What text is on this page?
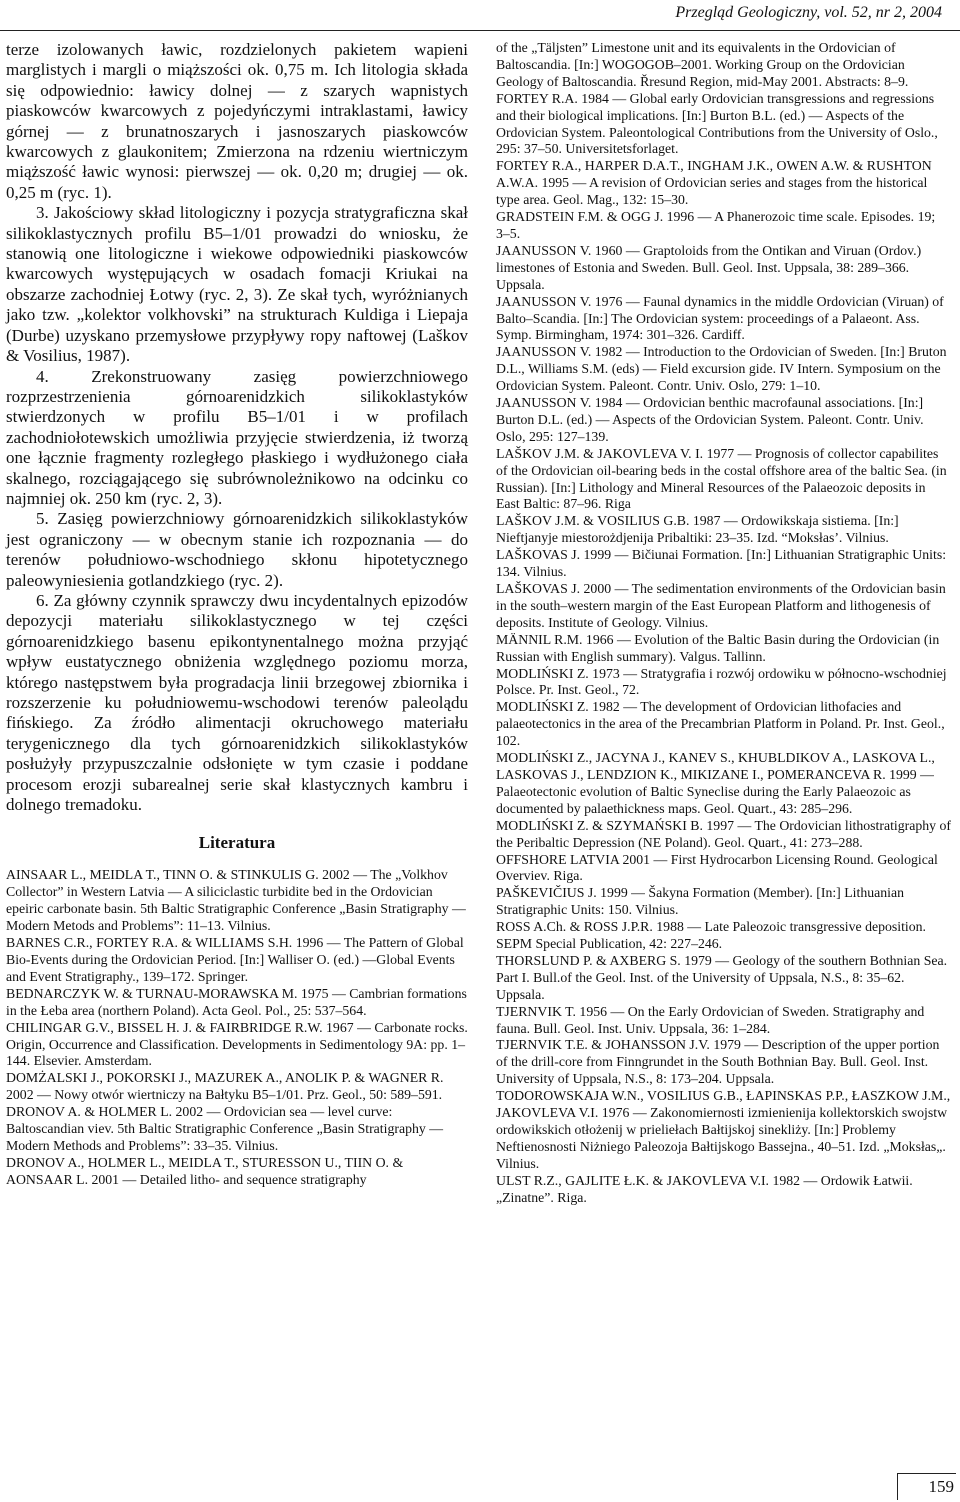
Przegląd Geologiczny, vol. 52, nr 2, 2004

terze izolowanych ławic, rozdzielonych pakietem wapieni marglistych i margli o miąższości ok. 0,75 m. Ich litologia składa się odpowiednio: ławicy dolnej — z szarych wapnistych piaskowców kwarcowych z pojedyńczymi intraklastami, ławicy górnej — z brunatnoszarych i jasnoszarych piaskowców kwarcowych z glaukonitem; Zmierzona na rdzeniu wiertniczym miąższość ławic wynosi: pierwszej — ok. 0,20 m; drugiej — ok. 0,25 m (ryc. 1).

3. Jakościowy skład litologiczny i pozycja stratygraficzna skał silikoklastycznych profilu B5–1/01 prowadzi do wniosku, że stanowią one litologiczne i wiekowe odpowiedniki piaskowców kwarcowych występujących w osadach fomacji Kriukai na obszarze zachodniej Łotwy (ryc. 2, 3). Ze skał tych, wyróżnianych jako tzw. „kolektor volkhovski” na strukturach Kuldiga i Liepaja (Durbe) uzyskano przemysłowe przypływy ropy naftowej (Laškov & Vosilius, 1987).

4. Zrekonstruowany zasięg powierzchniowego rozprzestrzenienia górnoarenidzkich silikoklastyków stwierdzonych w profilu B5–1/01 i w profilach zachodniołotewskich umożliwia przyjęcie stwierdzenia, iż tworzą one łącznie fragmenty rozległego płaskiego i wydłużonego ciała skalnego, rozciągającego się subrównoleżnikowo na odcinku co najmniej ok. 250 km (ryc. 2, 3).

5. Zasięg powierzchniowy górnoarenidzkich silikoklastyków jest ograniczony — w obecnym stanie ich rozpoznania — do terenów południowo-wschodniego skłonu hipotetycznego paleowyniesienia gotlandzkiego (ryc. 2).

6. Za główny czynnik sprawczy dwu incydentalnych epizodów depozycji materiału silikoklastycznego w tej części górnoarenidzkiego basenu epikontynentalnego można przyjąć wpływ eustatycznego obniżenia względnego poziomu morza, którego następstwem była progradacja linii brzegowej zbiornika i rozszerzenie ku południowemu-wschodowi terenów paleolądu fińskiego. Za źródło alimentacji okruchowego materiału terygenicznego dla tych górnoarenidzkich silikoklastyków posłużyły przypuszczalnie odsłonięte w tym czasie i poddane procesom erozji subarealnej serie skał klastycznych kambru i dolnego tremadoku.

Literatura

AINSAAR L., MEIDLA T., TINN O. & STINKULIS G. 2002 — The „Volkhov Collector” in Western Latvia — A siliciclastic turbidite bed in the Ordovician epeiric carbonate basin. 5th Baltic Stratigraphic Conference „Basin Stratigraphy — Modern Metods and Problems”: 11–13. Vilnius.

BARNES C.R., FORTEY R.A. & WILLIAMS S.H. 1996 — The Pattern of Global Bio-Events during the Ordovician Period. [In:] Walliser O. (ed.) —Global Events and Event Stratigraphy., 139–172. Springer.

BEDNARCZYK W. & TURNAU-MORAWSKA M. 1975 — Cambrian formations in the Łeba area (northern Poland). Acta Geol. Pol., 25: 537–564.

CHILINGAR G.V., BISSEL H. J. & FAIRBRIDGE R.W. 1967 — Carbonate rocks. Origin, Occurrence and Classification. Developments in Sedimentology 9A: pp. 1–144. Elsevier. Amsterdam.

DOMŻALSKI J., POKORSKI J., MAZUREK A., ANOLIK P. & WAGNER R. 2002 — Nowy otwór wiertniczy na Bałtyku B5–1/01. Prz. Geol., 50: 589–591.

DRONOV A. & HOLMER L. 2002 — Ordovician sea — level curve: Baltoscandian viev. 5th Baltic Stratigraphic Conference „Basin Stratigraphy — Modern Methods and Problems”: 33–35. Vilnius.

DRONOV A., HOLMER L., MEIDLA T., STURESSON U., TIIN O. & AONSAAR L. 2001 — Detailed litho- and sequence stratigraphy

of the „Täljsten” Limestone unit and its equivalents in the Ordovician of Baltoscandia. [In:] WOGOGOB–2001. Working Group on the Ordovician Geology of Baltoscandia. Řresund Region, mid-May 2001. Abstracts: 8–9.

FORTEY R.A. 1984 — Global early Ordovician transgressions and regressions and their biological implications. [In:] Burton B.L. (ed.) — Aspects of the Ordovician System. Paleontological Contributions from the University of Oslo., 295: 37–50. Universitetsforlaget.

FORTEY R.A., HARPER D.A.T., INGHAM J.K., OWEN A.W. & RUSHTON A.W.A. 1995 — A revision of Ordovician series and stages from the historical type area. Geol. Mag., 132: 15–30.

GRADSTEIN F.M. & OGG J. 1996 — A Phanerozoic time scale. Episodes. 19; 3–5.

JAANUSSON V. 1960 — Graptoloids from the Ontikan and Viruan (Ordov.) limestones of Estonia and Sweden. Bull. Geol. Inst. Uppsala, 38: 289–366. Uppsala.

JAANUSSON V. 1976 — Faunal dynamics in the middle Ordovician (Viruan) of Balto–Scandia. [In:] The Ordovician system: proceedings of a Palaeont. Ass. Symp. Birmingham, 1974: 301–326. Cardiff.

JAANUSSON V. 1982 — Introduction to the Ordovician of Sweden. [In:] Bruton D.L., Williams S.M. (eds) — Field excursion gide. IV Intern. Symposium on the Ordovician System. Paleont. Contr. Univ. Oslo, 279: 1–10.

JAANUSSON V. 1984 — Ordovician benthic macrofaunal associations. [In:] Burton D.L. (ed.) — Aspects of the Ordovician System. Paleont. Contr. Univ. Oslo, 295: 127–139.

LAŠKOV J.M. & JAKOVLEVA V. I. 1977 — Prognosis of collector capabilites of the Ordovician oil-bearing beds in the costal offshore area of the baltic Sea. (in Russian). [In:] Lithology and Mineral Resources of the Palaeozoic deposits in East Baltic: 87–96. Riga

LAŠKOV J.M. & VOSILIUS G.B. 1987 — Ordowikskaja sistiema. [In:] Nieftjanyje miestorożdjenija Pribaltiki: 23–35. Izd. “Moksłas’. Vilnius.

LAŠKOVAS J. 1999 — Bičiunai Formation. [In:] Lithuanian Stratigraphic Units: 134. Vilnius.

LAŠKOVAS J. 2000 — The sedimentation environments of the Ordovician basin in the south–western margin of the East European Platform and lithogenesis of deposits. Institute of Geology. Vilnius.

MÄNNIL R.M. 1966 — Evolution of the Baltic Basin during the Ordovician (in Russian with English summary). Valgus. Tallinn.

MODLIŃSKI Z. 1973 — Stratygrafia i rozwój ordowiku w północno-wschodniej Polsce. Pr. Inst. Geol., 72.

MODLIŃSKI Z. 1982 — The development of Ordovician lithofacies and palaeotectonics in the area of the Precambrian Platform in Poland. Pr. Inst. Geol., 102.

MODLIŃSKI Z., JACYNA J., KANEV S., KHUBLDIKOV A., LASKOVA L., LASKOVAS J., LENDZION K., MIKIZANE I., POMERANCEVA R. 1999 — Palaeotectonic evolution of Baltic Syneclise during the Early Palaeozoic as documented by palaethickness maps. Geol. Quart., 43: 285–296.

MODLIŃSKI Z. & SZYMAŃSKI B. 1997 — The Ordovician lithostratigraphy of the Peribaltic Depression (NE Poland). Geol. Quart., 41: 273–288.

OFFSHORE LATVIA 2001 — First Hydrocarbon Licensing Round. Geological Overviev. Riga.

PAŠKEVIČIUS J. 1999 — Šakyna Formation (Member). [In:] Lithuanian Stratigraphic Units: 150. Vilnius.

ROSS A.Ch. & ROSS J.P.R. 1988 — Late Paleozoic transgressive deposition. SEPM Special Publication, 42: 227–246.

THORSLUND P. & AXBERG S. 1979 — Geology of the southern Bothnian Sea. Part I. Bull.of the Geol. Inst. of the University of Uppsala, N.S., 8: 35–62. Uppsala.

TJERNVIK T. 1956 — On the Early Ordovician of Sweden. Stratigraphy and fauna. Bull. Geol. Inst. Univ. Uppsala, 36: 1–284.

TJERNVIK T.E. & JOHANSSON J.V. 1979 — Description of the upper portion of the drill-core from Finngrundet in the South Bothnian Bay. Bull. Geol. Inst. University of Uppsala, N.S., 8: 173–204. Uppsala.

TODOROWSKAJA W.N., VOSILIUS G.B., ŁAPINSKAS P.P., ŁASZKOW J.M., JAKOVLEVA V.I. 1976 — Zakonomiernosti izmienienija kollektorskich swojstw ordowikskich otłożenij w prieliełach Bałtijskoj sinekliży. [In:] Problemy Neftienosnosti Niżniego Paleozoja Bałtijskogo Bassejna., 40–51. Izd. „Moksłas„. Vilnius.

ULST R.Z., GAJLITE Ł.K. & JAKOVLEVA V.I. 1982 — Ordowik Łatwii. „Zinatne”. Riga.

159
